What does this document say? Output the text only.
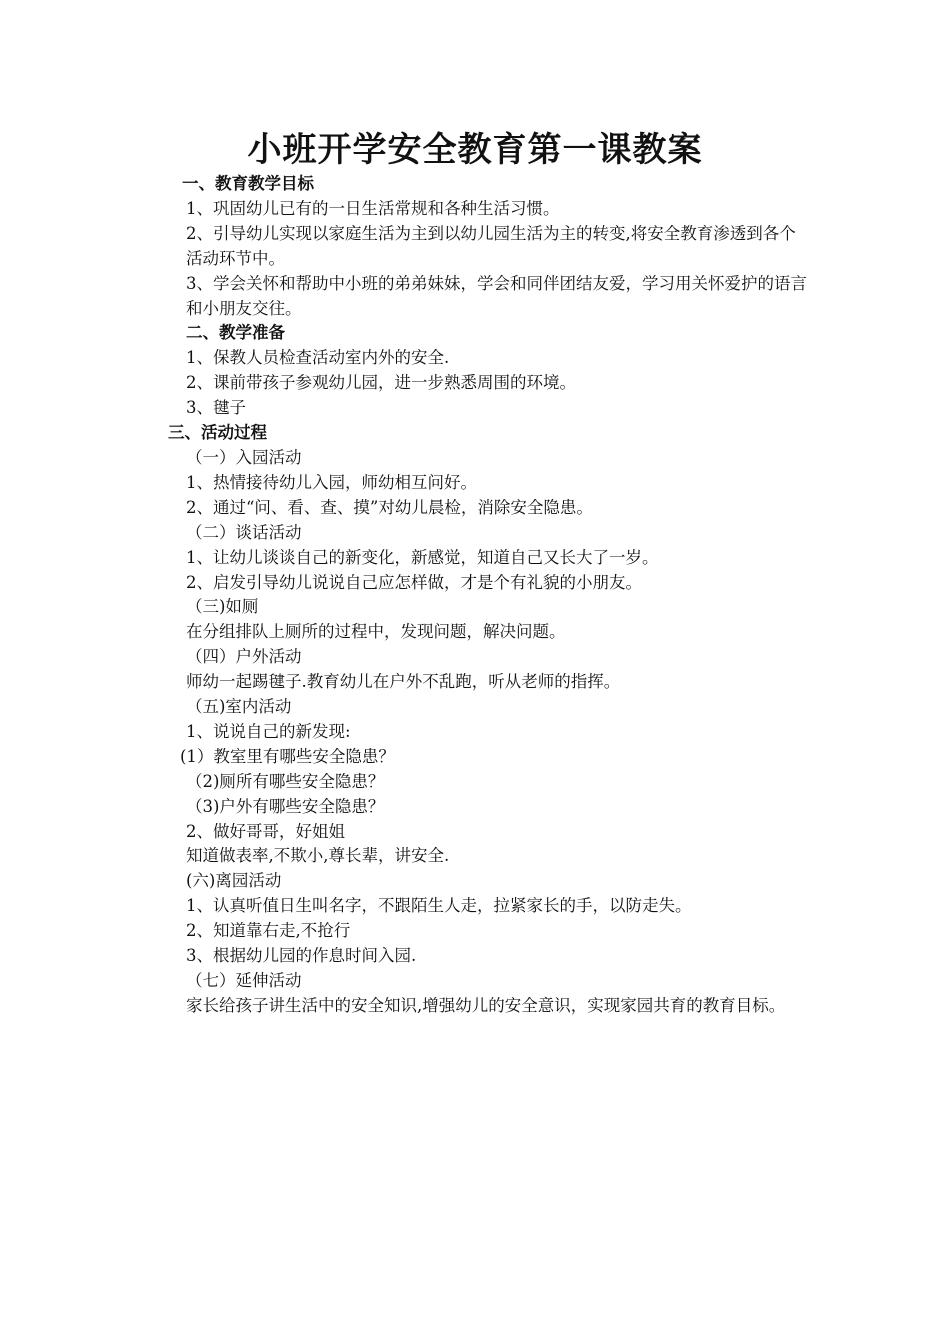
小班开学安全教育第一课教案
一、教育教学目标
1、巩固幼儿已有的一日生活常规和各种生活习惯。
2、引导幼儿实现以家庭生活为主到以幼儿园生活为主的转变,将安全教育渗透到各个活动环节中。
3、学会关怀和帮助中小班的弟弟妹妹，学会和同伴团结友爱，学习用关怀爱护的语言和小朋友交往。
二、教学准备
1、保教人员检查活动室内外的安全.
2、课前带孩子参观幼儿园，进一步熟悉周围的环境。
3、毽子
三、活动过程
（一）入园活动
1、热情接待幼儿入园，师幼相互问好。
2、通过“问、看、查、摸”对幼儿晨检，消除安全隐患。
（二）谈话活动
1、让幼儿谈谈自己的新变化，新感觉，知道自己又长大了一岁。
2、启发引导幼儿说说自己应怎样做，才是个有礼貌的小朋友。
（三)如厕
在分组排队上厕所的过程中，发现问题，解决问题。
（四）户外活动
师幼一起踢毽子.教育幼儿在户外不乱跑，听从老师的指挥。
（五)室内活动
1、说说自己的新发现:
(1）教室里有哪些安全隐患？
（2)厕所有哪些安全隐患？
（3)户外有哪些安全隐患？
2、做好哥哥，好姐姐
知道做表率,不欺小,尊长辈，讲安全.
(六)离园活动
1、认真听值日生叫名字，不跟陌生人走，拉紧家长的手，以防走失。
2、知道靠右走,不抢行
3、根据幼儿园的作息时间入园.
（七）延伸活动
家长给孩子讲生活中的安全知识,增强幼儿的安全意识，实现家园共育的教育目标。
